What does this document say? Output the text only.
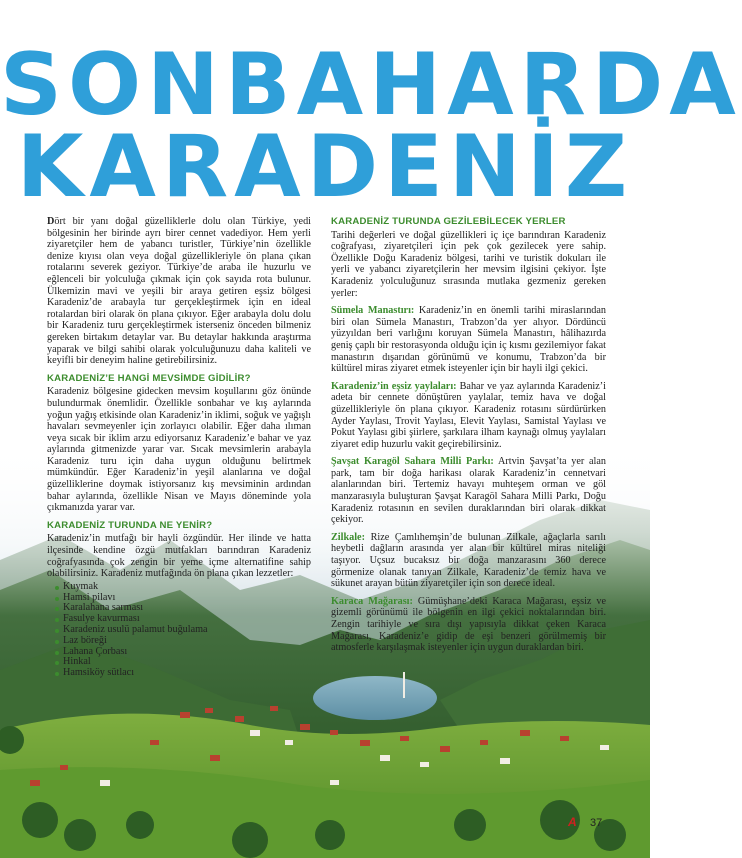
SONBAHARDA
KARADENİZ

Dört bir yanı doğal güzelliklerle dolu olan Türkiye, yedi bölgesinin her birinde ayrı birer cennet vadediyor. Hem yerli ziyaretçiler hem de yabancı turistler, Türkiye’nin özellikle denize kıyısı olan veya doğal güzellikleriyle ön plana çıkan rotalarını severek geziyor. Türkiye’de araba ile huzurlu ve eğlenceli bir yolculuğa çıkmak için çok sayıda rota bulunur. Ülkemizin mavi ve yeşili bir araya getiren eşsiz bölgesi Karadeniz’de arabayla tur gerçekleştirmek için en ideal rotalardan biri olarak ön plana çıkıyor. Eğer arabayla dolu dolu bir Karadeniz turu gerçekleştirmek isterseniz önceden bilmeniz gereken birtakım detaylar var. Bu detaylar hakkında araştırma yaparak ve bilgi sahibi olarak yolculuğunuzu daha kaliteli ve keyifli bir deneyim haline getirebilirsiniz.

KARADENİZ’E HANGİ MEVSİMDE GİDİLİR?

Karadeniz bölgesine gidecken mevsim koşullarını göz önünde bulundurmak önemlidir. Özellikle sonbahar ve kış aylarında yoğun yağış etkisinde olan Karadeniz’in iklimi, soğuk ve yağışlı havaları sevmeyenler için zorlayıcı olabilir. Eğer daha ılıman veya sıcak bir iklim arzu ediyorsanız Karadeniz’e bahar ve yaz aylarında gitmenizde yarar var. Sıcak mevsimlerin arabayla Karadeniz turu için daha uygun olduğunu belirtmek mümkündür. Eğer Karadeniz’in yeşil alanlarına ve doğal güzelliklerine doymak istiyorsanız kış mevsiminin ardından bahar aylarında, özellikle Nisan ve Mayıs döneminde yola çıkmanızda yarar var.

KARADENİZ TURUNDA NE YENİR?

Karadeniz’in mutfağı bir hayli özgündür. Her ilinde ve hatta ilçesinde kendine özgü mutfakları barındıran Karadeniz coğrafyasında çok zengin bir yeme içme alternatifine sahip olabilirsiniz. Karadeniz mutfağında ön plana çıkan lezzetler:

Kuymak
Hamsi pilavı
Karalahana sarması
Fasulye kavurması
Karadeniz usulü palamut buğulama
Laz böreği
Lahana Çorbası
Hinkal
Hamsiköy sütlacı
KARADENİZ TURUNDA GEZİLEBİLECEK YERLER

Tarihi değerleri ve doğal güzellikleri iç içe barındıran Karadeniz coğrafyası, ziyaretçileri için pek çok gezilecek yere sahip. Özellikle Doğu Karadeniz bölgesi, tarihi ve turistik dokuları ile yerli ve yabancı ziyaretçilerin her mevsim ilgisini çekiyor. İşte Karadeniz yolculuğunuz sırasında mutlaka gezmeniz gereken yerler:

Sümela Manastırı: Karadeniz’in en önemli tarihi miraslarından biri olan Sümela Manastırı, Trabzon’da yer alıyor. Dördüncü yüzyıldan beri varlığını koruyan Sümela Manastırı, hâlihazırda geniş çaplı bir restorasyonda olduğu için iç kısmı gezilemiyor fakat manastırın dışarıdan görünümü ve konumu, Trabzon’da bir kültürel miras ziyaret etmek isteyenler için bir hayli ilgi çekici.

Karadeniz’in eşsiz yaylaları: Bahar ve yaz aylarında Karadeniz’i adeta bir cennete dönüştüren yaylalar, temiz hava ve doğal güzellikleriyle ön plana çıkıyor. Karadeniz rotasını sürdürürken Ayder Yaylası, Trovit Yaylası, Elevit Yaylası, Samistal Yaylası ve Pokut Yaylası gibi şiirlere, şarkılara ilham kaynağı olmuş yaylaları ziyaret edip huzurlu vakit geçirebilirsiniz.

Şavşat Karagöl Sahara Milli Parkı: Artvin Şavşat’ta yer alan park, tam bir doğa harikası olarak Karadeniz’in cennetvari alanlarından biri. Tertemiz havayı muhteşem orman ve göl manzarasıyla buluşturan Şavşat Karagöl Sahara Milli Parkı, Doğu Karadeniz rotasının en sevilen duraklarından biri olarak dikkat çekiyor.

Zilkale: Rize Çamlıhemşin’de bulunan Zilkale, ağaçlarla sarılı heybetli dağların arasında yer alan bir kültürel miras niteliği taşıyor. Uçsuz bucaksız bir doğa manzarasını 360 derece görmenize olanak tanıyan Zilkale, Karadeniz’de temiz hava ve sükunet arayan bütün ziyaretçiler için son derece ideal.

Karaca Mağarası: Gümüşhane’deki Karaca Mağarası, eşsiz ve gizemli görünümü ile bölgenin en ilgi çekici noktalarından biri. Zengin tarihiyle ve sıra dışı yapısıyla dikkat çeken Karaca Mağarası, Karadeniz’e gidip de eşi benzeri görülmemiş bir atmosferle karşılaşmak isteyenler için uygun duraklardan biri.

A 37
